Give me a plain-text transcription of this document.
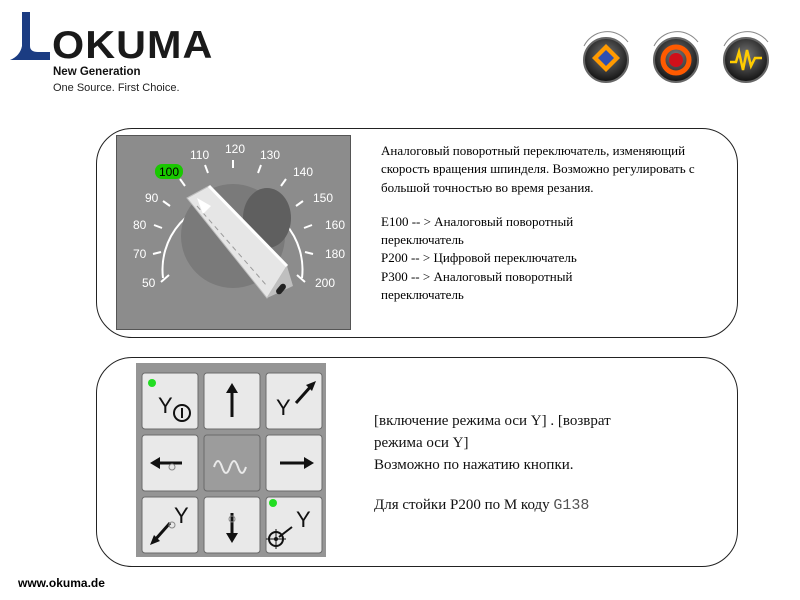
OKUMA
New Generation
One Source. First Choice.
50
70
80
90
110 120 130
140
150
160
180
200
100

Аналоговый поворотный переключатель, изменяющий скорость вращения шпинделя. Возможно регулировать с большой точностью во время резания.

E100 -- > Аналоговый поворотный

переключатель

P200 -- > Цифровой переключатель

P300 -- > Аналоговый поворотный

переключатель

Y	Y
Y	Y

[включение режима оси Y] . [возврат

режима оси Y]

Возможно по нажатию кнопки.

Для стойки P200 по M коду G138

www.okuma.de
